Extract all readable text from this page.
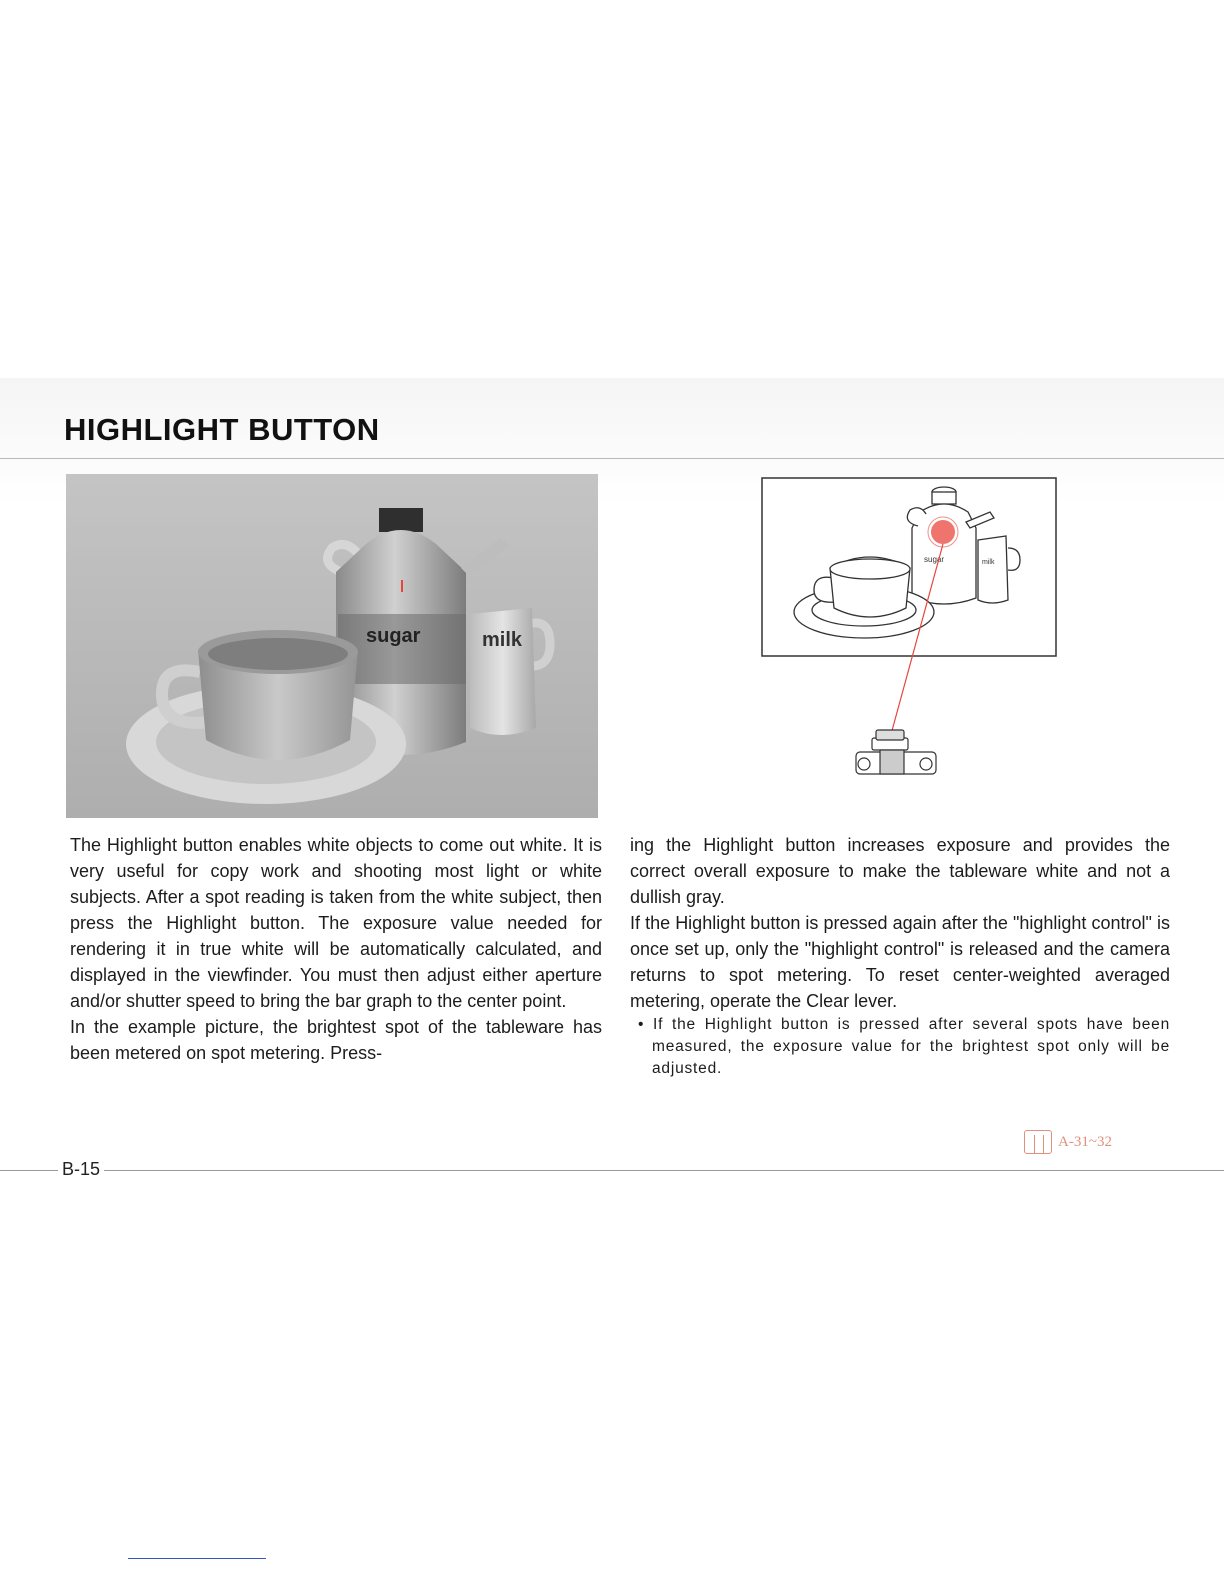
HIGHLIGHT BUTTON
sugar	milk
sugar	milk

The Highlight button enables white objects to come out white. It is very useful for copy work and shooting most light or white subjects. After a spot reading is taken from the white subject, then press the Highlight button. The exposure value needed for rendering it in true white will be automatically calculated, and displayed in the viewfinder. You must then adjust either aperture and/or shutter speed to bring the bar graph to the center point.

In the example picture, the brightest spot of the tableware has been metered on spot metering. Press-

ing the Highlight button increases exposure and provides the correct overall exposure to make the tableware white and not a dullish gray.

If the Highlight button is pressed again after the "highlight control" is once set up, only the "highlight control" is released and the camera returns to spot metering. To reset center-weighted averaged metering, operate the Clear lever.

• If the Highlight button is pressed after several spots have been measured, the exposure value for the brightest spot only will be adjusted.

B-15
A-31~32
